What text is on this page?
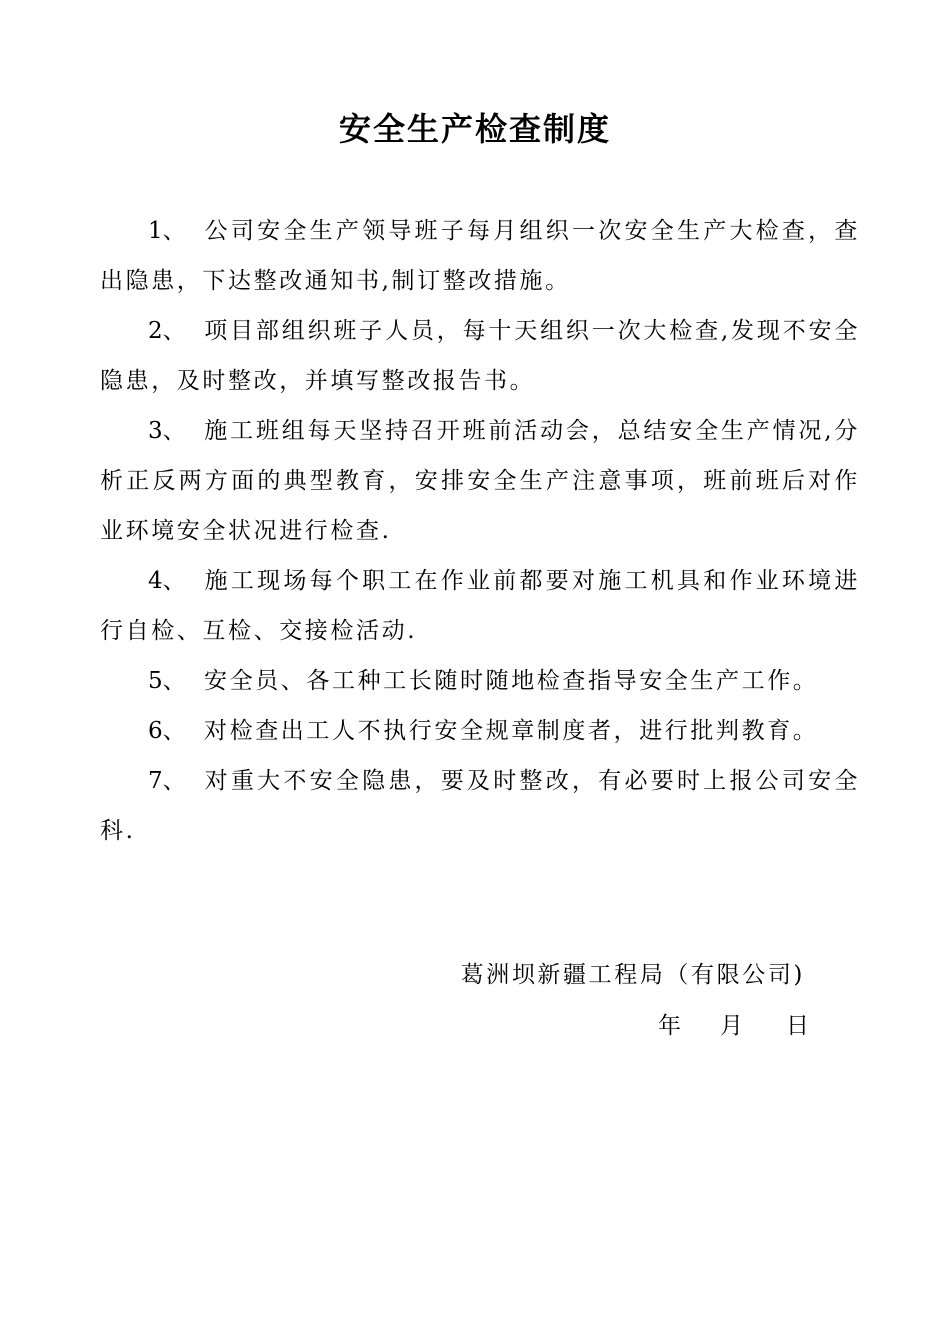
安全生产检查制度

1、 公司安全生产领导班子每月组织一次安全生产大检查，查出隐患，下达整改通知书,制订整改措施。

2、 项目部组织班子人员，每十天组织一次大检查,发现不安全隐患，及时整改，并填写整改报告书。

3、 施工班组每天坚持召开班前活动会，总结安全生产情况,分析正反两方面的典型教育，安排安全生产注意事项，班前班后对作业环境安全状况进行检查.

4、 施工现场每个职工在作业前都要对施工机具和作业环境进行自检、互检、交接检活动.

5、 安全员、各工种工长随时随地检查指导安全生产工作。

6、 对检查出工人不执行安全规章制度者，进行批判教育。

7、 对重大不安全隐患，要及时整改，有必要时上报公司安全科.

葛洲坝新疆工程局（有限公司)
年 月 日
